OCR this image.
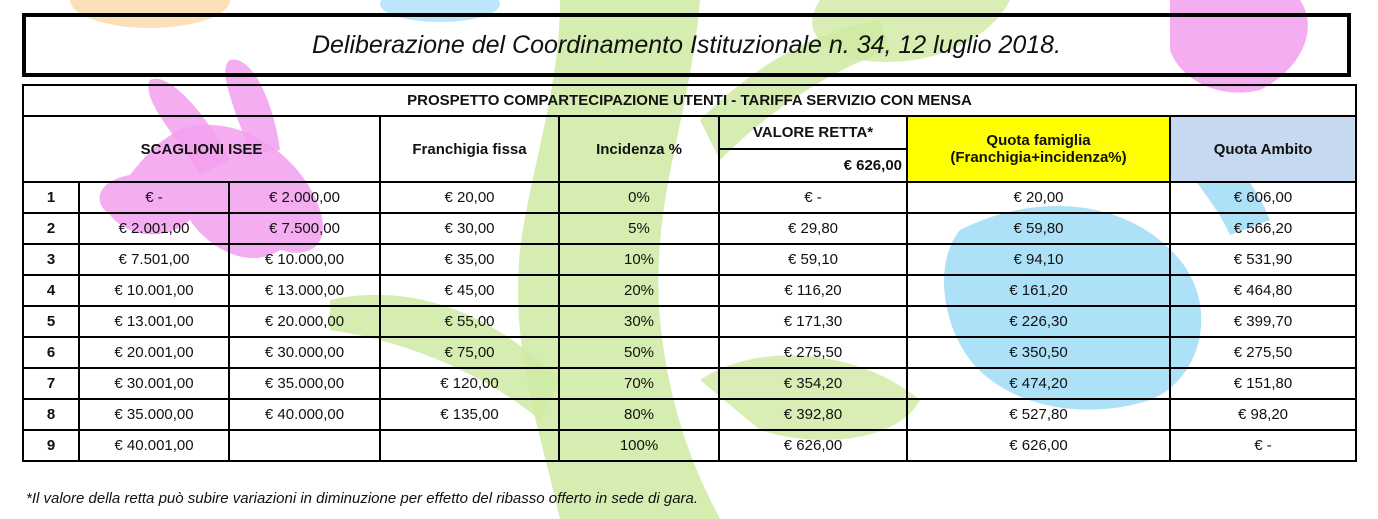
Deliberazione del Coordinamento Istituzionale n. 34, 12 luglio 2018.
PROSPETTO COMPARTECIPAZIONE UTENTI - TARIFFA SERVIZIO CON MENSA							
SCAGLIONI ISEE			Franchigia fissa	Incidenza %	VALORE RETTA*	Quota famiglia
(Franchigia+incidenza%)	Quota Ambito
					€ 626,00		
1	€ -	€ 2.000,00	€ 20,00	0%	€ -	€ 20,00	€ 606,00
2	€ 2.001,00	€ 7.500,00	€ 30,00	5%	€ 29,80	€ 59,80	€ 566,20
3	€ 7.501,00	€ 10.000,00	€ 35,00	10%	€ 59,10	€ 94,10	€ 531,90
4	€ 10.001,00	€ 13.000,00	€ 45,00	20%	€ 116,20	€ 161,20	€ 464,80
5	€ 13.001,00	€ 20.000,00	€ 55,00	30%	€ 171,30	€ 226,30	€ 399,70
6	€ 20.001,00	€ 30.000,00	€ 75,00	50%	€ 275,50	€ 350,50	€ 275,50
7	€ 30.001,00	€ 35.000,00	€ 120,00	70%	€ 354,20	€ 474,20	€ 151,80
8	€ 35.000,00	€ 40.000,00	€ 135,00	80%	€ 392,80	€ 527,80	€ 98,20
9	€ 40.001,00			100%	€ 626,00	€ 626,00	€ -
*Il valore della retta può subire variazioni in diminuzione per effetto del ribasso offerto in sede di gara.
